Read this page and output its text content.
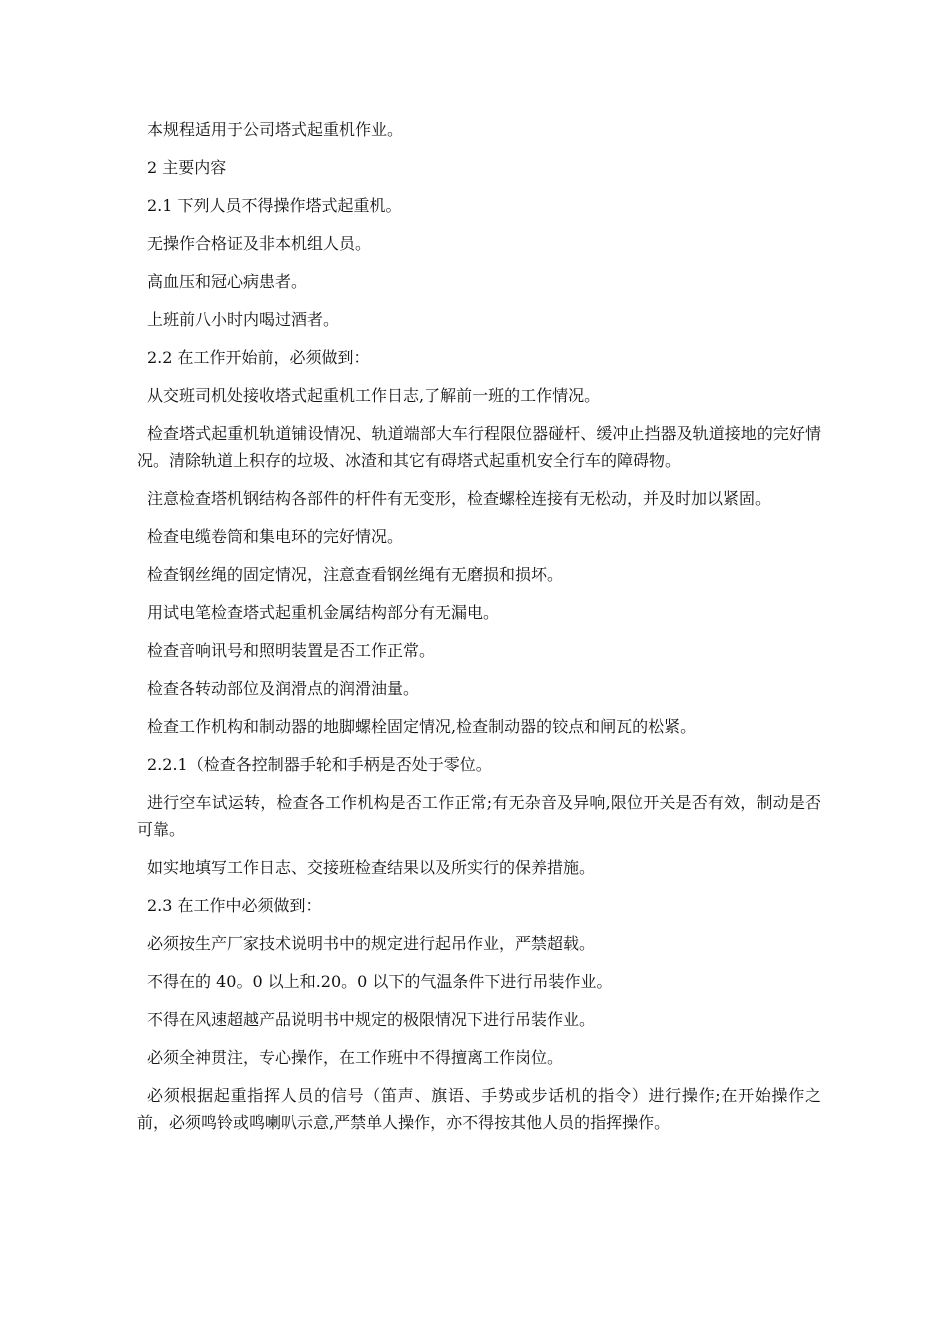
本规程适用于公司塔式起重机作业。

2 主要内容

2.1 下列人员不得操作塔式起重机。

无操作合格证及非本机组人员。

高血压和冠心病患者。

上班前八小时内喝过酒者。

2.2 在工作开始前，必须做到：

从交班司机处接收塔式起重机工作日志,了解前一班的工作情况。

检查塔式起重机轨道铺设情况、轨道端部大车行程限位器碰杆、缓冲止挡器及轨道接地的完好情况。清除轨道上积存的垃圾、冰渣和其它有碍塔式起重机安全行车的障碍物。

注意检查塔机钢结构各部件的杆件有无变形，检查螺栓连接有无松动，并及时加以紧固。

检查电缆卷筒和集电环的完好情况。

检查钢丝绳的固定情况，注意查看钢丝绳有无磨损和损坏。

用试电笔检查塔式起重机金属结构部分有无漏电。

检查音响讯号和照明装置是否工作正常。

检查各转动部位及润滑点的润滑油量。

检查工作机构和制动器的地脚螺栓固定情况,检查制动器的铰点和闸瓦的松紧。

2.2.1（检查各控制器手轮和手柄是否处于零位。

进行空车试运转，检查各工作机构是否工作正常;有无杂音及异响,限位开关是否有效，制动是否可靠。

如实地填写工作日志、交接班检查结果以及所实行的保养措施。

2.3 在工作中必须做到：

必须按生产厂家技术说明书中的规定进行起吊作业，严禁超载。

不得在的 40。0 以上和.20。0 以下的气温条件下进行吊装作业。

不得在风速超越产品说明书中规定的极限情况下进行吊装作业。

必须全神贯注，专心操作，在工作班中不得擅离工作岗位。

必须根据起重指挥人员的信号（笛声、旗语、手势或步话机的指令）进行操作;在开始操作之前，必须鸣铃或鸣喇叭示意,严禁单人操作，亦不得按其他人员的指挥操作。
